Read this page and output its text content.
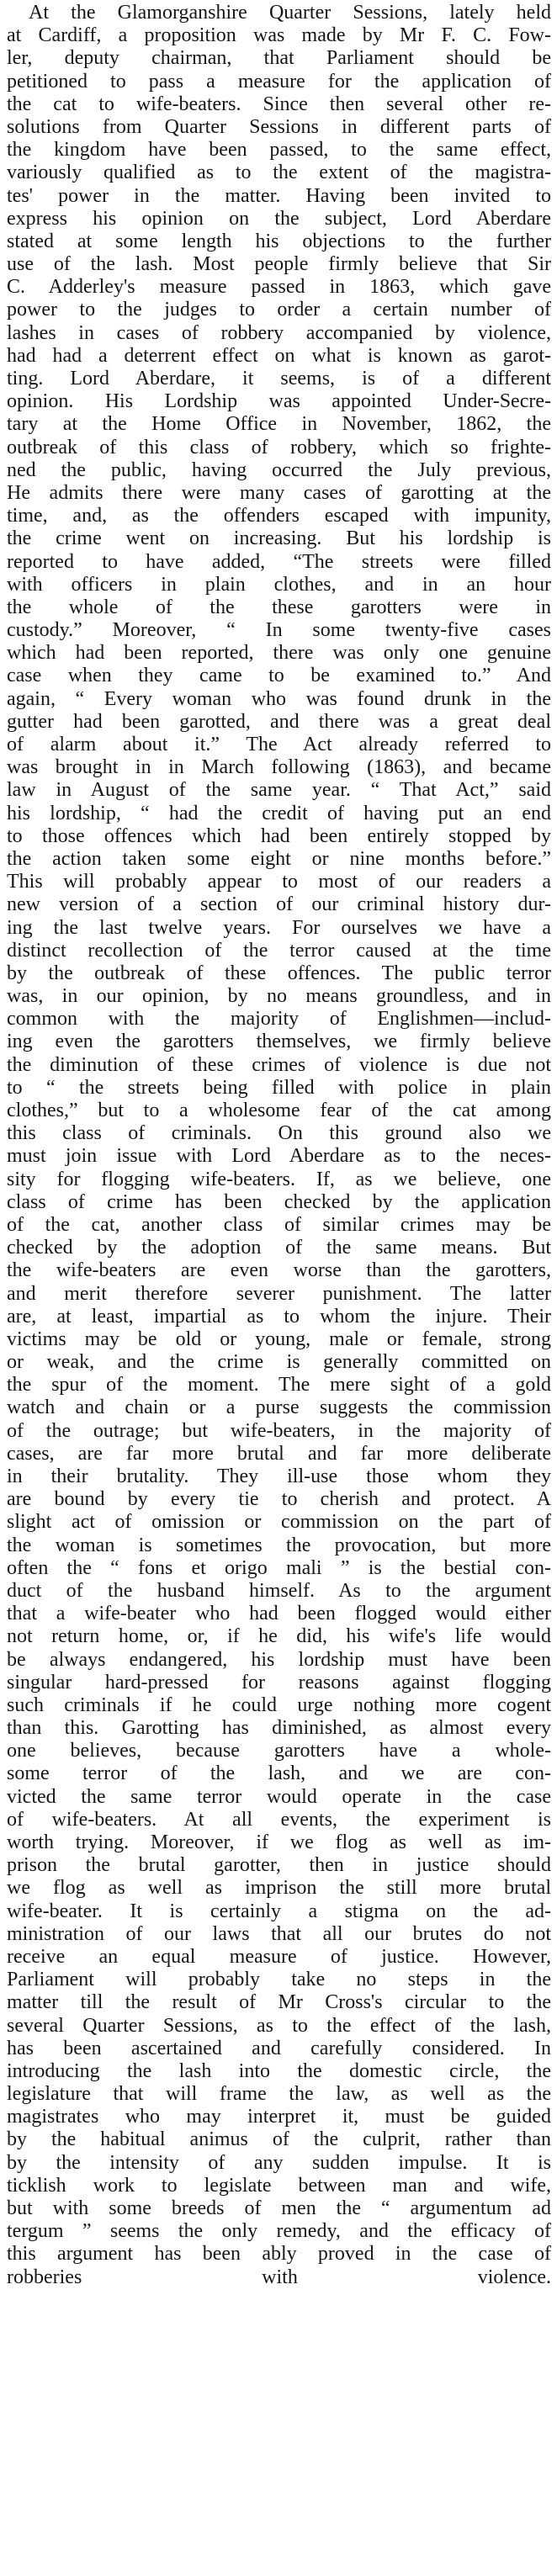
At the Glamorganshire Quarter Sessions, lately held
at Cardiff, a proposition was made by Mr F. C. Fow-
ler, deputy chairman, that Parliament should be
petitioned to pass a measure for the application of
the cat to wife-beaters. Since then several other re-
solutions from Quarter Sessions in different parts of
the kingdom have been passed, to the same effect,
variously qualified as to the extent of the magistra-
tes' power in the matter. Having been invited to
express his opinion on the subject, Lord Aberdare
stated at some length his objections to the further
use of the lash. Most people firmly believe that Sir
C. Adderley's measure passed in 1863, which gave
power to the judges to order a certain number of
lashes in cases of robbery accompanied by violence,
had had a deterrent effect on what is known as garot-
ting. Lord Aberdare, it seems, is of a different
opinion. His Lordship was appointed Under-Secre-
tary at the Home Office in November, 1862, the
outbreak of this class of robbery, which so frighte-
ned the public, having occurred the July previous,
He admits there were many cases of garotting at the
time, and, as the offenders escaped with impunity,
the crime went on increasing. But his lordship is
reported to have added, “The streets were filled
with officers in plain clothes, and in an hour
the whole of the these garotters were in
custody.” Moreover, “ In some twenty-five cases
which had been reported, there was only one genuine
case when they came to be examined to.” And
again, “ Every woman who was found drunk in the
gutter had been garotted, and there was a great deal
of alarm about it.” The Act already referred to
was brought in in March following (1863), and became
law in August of the same year. “ That Act,” said
his lordship, “ had the credit of having put an end
to those offences which had been entirely stopped by
the action taken some eight or nine months before.”
This will probably appear to most of our readers a
new version of a section of our criminal history dur-
ing the last twelve years. For ourselves we have a
distinct recollection of the terror caused at the time
by the outbreak of these offences. The public terror
was, in our opinion, by no means groundless, and in
common with the majority of Englishmen—includ-
ing even the garotters themselves, we firmly believe
the diminution of these crimes of violence is due not
to “ the streets being filled with police in plain
clothes,” but to a wholesome fear of the cat among
this class of criminals. On this ground also we
must join issue with Lord Aberdare as to the neces-
sity for flogging wife-beaters. If, as we believe, one
class of crime has been checked by the application
of the cat, another class of similar crimes may be
checked by the adoption of the same means. But
the wife-beaters are even worse than the garotters,
and merit therefore severer punishment. The latter
are, at least, impartial as to whom the injure. Their
victims may be old or young, male or female, strong
or weak, and the crime is generally committed on
the spur of the moment. The mere sight of a gold
watch and chain or a purse suggests the commission
of the outrage; but wife-beaters, in the majority of
cases, are far more brutal and far more deliberate
in their brutality. They ill-use those whom they
are bound by every tie to cherish and protect. A
slight act of omission or commission on the part of
the woman is sometimes the provocation, but more
often the “ fons et origo mali ” is the bestial con-
duct of the husband himself. As to the argument
that a wife-beater who had been flogged would either
not return home, or, if he did, his wife's life would
be always endangered, his lordship must have been
singular hard-pressed for reasons against flogging
such criminals if he could urge nothing more cogent
than this. Garotting has diminished, as almost every
one believes, because garotters have a whole-
some terror of the lash, and we are con-
victed the same terror would operate in the case
of wife-beaters. At all events, the experiment is
worth trying. Moreover, if we flog as well as im-
prison the brutal garotter, then in justice should
we flog as well as imprison the still more brutal
wife-beater. It is certainly a stigma on the ad-
ministration of our laws that all our brutes do not
receive an equal measure of justice. However,
Parliament will probably take no steps in the
matter till the result of Mr Cross's circular to the
several Quarter Sessions, as to the effect of the lash,
has been ascertained and carefully considered. In
introducing the lash into the domestic circle, the
legislature that will frame the law, as well as the
magistrates who may interpret it, must be guided
by the habitual animus of the culprit, rather than
by the intensity of any sudden impulse. It is
ticklish work to legislate between man and wife,
but with some breeds of men the “ argumentum ad
tergum ” seems the only remedy, and the efficacy of
this argument has been ably proved in the case of
robberies with violence.
